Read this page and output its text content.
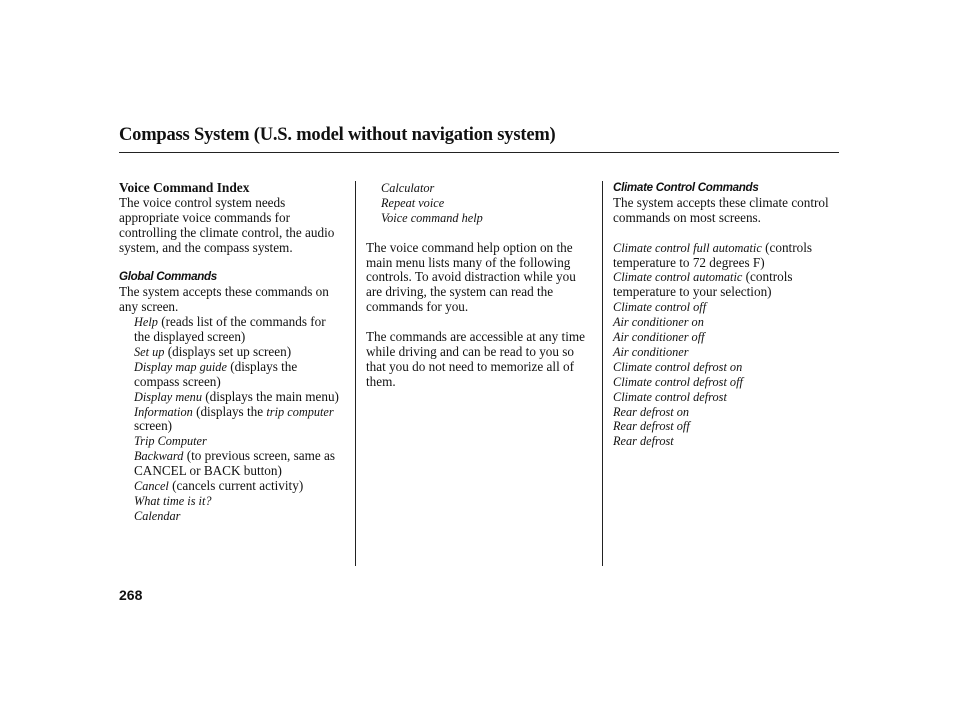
Compass System (U.S. model without navigation system)

Voice Command Index

The voice control system needs appropriate voice commands for controlling the climate control, the audio system, and the compass system.

Global Commands

The system accepts these commands on any screen.

Help (reads list of the commands for the displayed screen)

Set up (displays set up screen)

Display map guide (displays the compass screen)

Display menu (displays the main menu)

Information (displays the trip computer screen)

Trip Computer

Backward (to previous screen, same as CANCEL or BACK button)

Cancel (cancels current activity)

What time is it?

Calendar

Calculator

Repeat voice

Voice command help

The voice command help option on the main menu lists many of the following controls. To avoid distraction while you are driving, the system can read the commands for you.

The commands are accessible at any time while driving and can be read to you so that you do not need to memorize all of them.

Climate Control Commands

The system accepts these climate control commands on most screens.

Climate control full automatic (controls temperature to 72 degrees F)

Climate control automatic (controls temperature to your selection)

Climate control off

Air conditioner on

Air conditioner off

Air conditioner

Climate control defrost on

Climate control defrost off

Climate control defrost

Rear defrost on

Rear defrost off

Rear defrost

268
